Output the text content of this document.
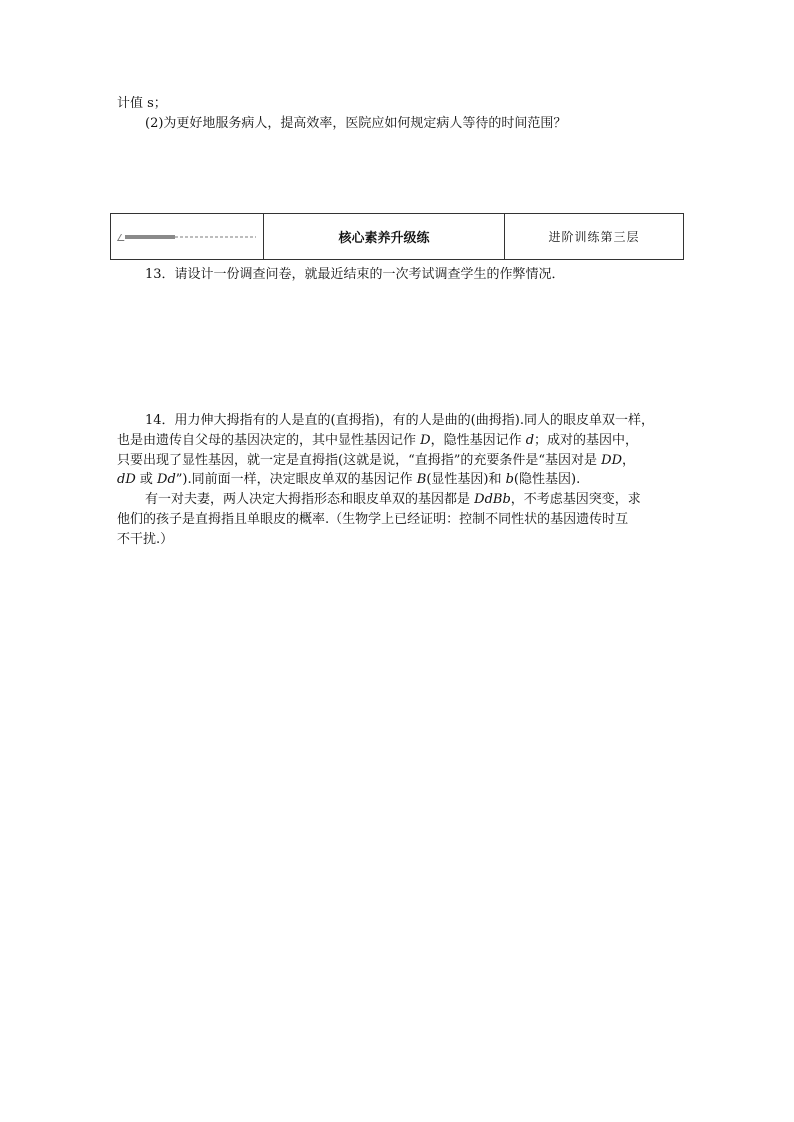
计值 s；
(2)为更好地服务病人，提高效率，医院应如何规定病人等待的时间范围？
核心素养升级练	进阶训练第三层
13．请设计一份调查问卷，就最近结束的一次考试调查学生的作弊情况．
14．用力伸大拇指有的人是直的(直拇指)，有的人是曲的(曲拇指).同人的眼皮单双一样，
也是由遗传自父母的基因决定的，其中显性基因记作 D，隐性基因记作 d；成对的基因中，
只要出现了显性基因，就一定是直拇指(这就是说，“直拇指”的充要条件是“基因对是 DD，
dD 或 Dd”).同前面一样，决定眼皮单双的基因记作 B(显性基因)和 b(隐性基因).
有一对夫妻，两人决定大拇指形态和眼皮单双的基因都是 DdBb，不考虑基因突变，求
他们的孩子是直拇指且单眼皮的概率.（生物学上已经证明：控制不同性状的基因遗传时互
不干扰.）
